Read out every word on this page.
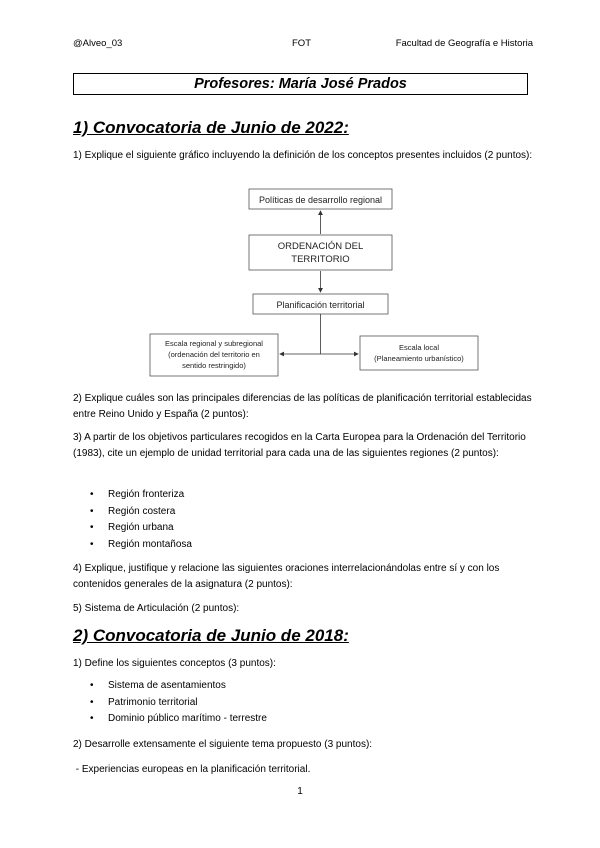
@Alveo_03	FOT	Facultad de Geografía e Historia
Profesores: María José Prados
1) Convocatoria de Junio de 2022:
1) Explique el siguiente gráfico incluyendo la definición de los conceptos presentes incluidos (2 puntos):
Políticas de desarrollo regional
ORDENACIÓN DEL
TERRITORIO
Planificación territorial
Escala regional y subregional
(ordenación del territorio en
sentido restringido)
Escala local
(Planeamiento urbanístico)
2) Explique cuáles son las principales diferencias de las políticas de planificación territorial establecidas entre Reino Unido y España (2 puntos):
3) A partir de los objetivos particulares recogidos en la Carta Europea para la Ordenación del Territorio (1983), cite un ejemplo de unidad territorial para cada una de las siguientes regiones (2 puntos):
• Región fronteriza
• Región costera
• Región urbana
• Región montañosa
4) Explique, justifique y relacione las siguientes oraciones interrelacionándolas entre sí y con los contenidos generales de la asignatura (2 puntos):
5) Sistema de Articulación (2 puntos):
2) Convocatoria de Junio de 2018:
1) Define los siguientes conceptos (3 puntos):
• Sistema de asentamientos
• Patrimonio territorial
• Dominio público marítimo - terrestre
2) Desarrolle extensamente el siguiente tema propuesto (3 puntos):
- Experiencias europeas en la planificación territorial.
1
